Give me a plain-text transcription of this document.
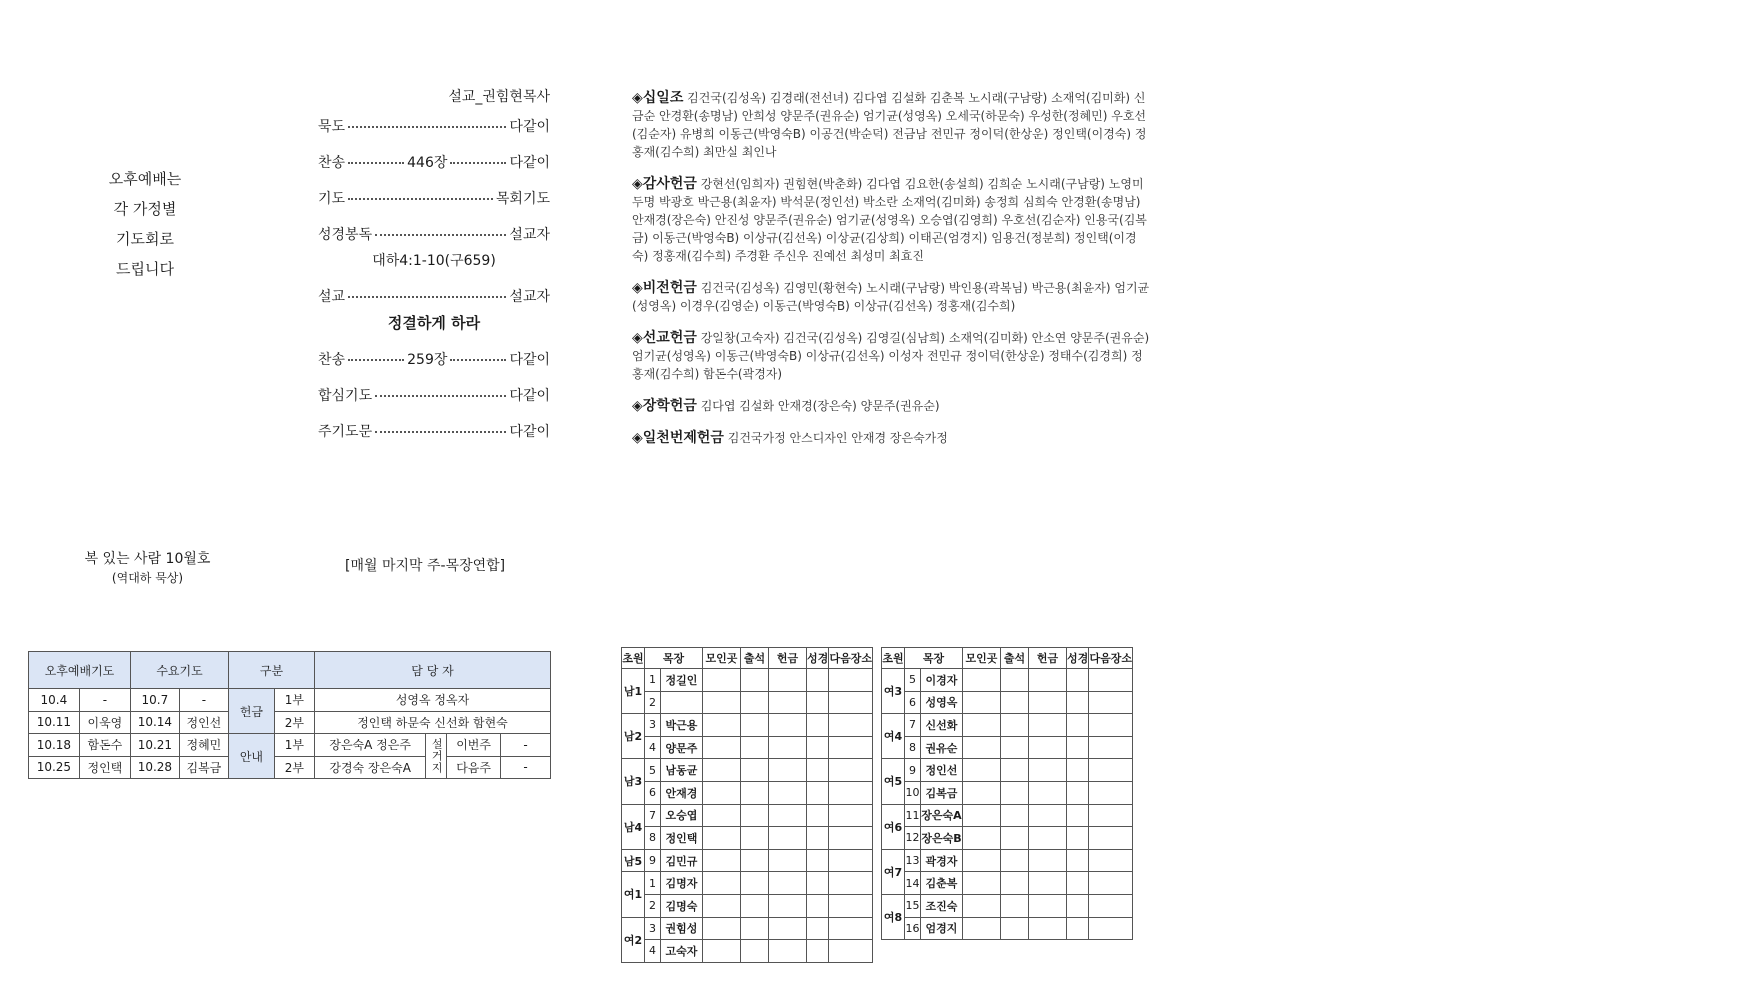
오후예배는
각 가정별
기도회로
드립니다
설교_권힘현목사
묵도	다같이
찬송	446장	다같이
기도	목회기도
성경봉독	설교자
대하4:1-10(구659)
설교	설교자
정결하게 하라
찬송	259장	다같이
합심기도	다같이
주기도문	다같이
복 있는 사람 10월호
(역대하 묵상)
[매월 마지막 주-목장연합]
◈십일조 김건국(김성옥) 김경래(전선녀) 김다엽 김설화 김춘복 노시래(구남랑) 소재억(김미화) 신금순 안경환(송명남) 안희성 양문주(권유순) 엄기균(성영옥) 오세국(하문숙) 우성한(정혜민) 우호선(김순자) 유병희 이동근(박영숙B) 이공건(박순덕) 전금남 전민규 정이덕(한상운) 정인택(이경숙) 정홍재(김수희) 최만실 최인나
◈감사헌금 강현선(임희자) 권힘현(박춘화) 김다엽 김요한(송설희) 김희순 노시래(구남랑) 노영미 두명 박광호 박근용(최윤자) 박석문(정인선) 박소란 소재억(김미화) 송정희 심희숙 안경환(송명남) 안재경(장은숙) 안진성 양문주(권유순) 엄기균(성영옥) 오승엽(김영희) 우호선(김순자) 인용국(김복금) 이동근(박영숙B) 이상규(김선옥) 이상균(김상희) 이태곤(엄경지) 임용건(정분희) 정인택(이경숙) 정홍재(김수희) 주경환 주신우 진예선 최성미 최효진
◈비전헌금 김건국(김성옥) 김영민(황현숙) 노시래(구남랑) 박인용(곽복님) 박근용(최윤자) 엄기균(성영옥) 이경우(김영순) 이동근(박영숙B) 이상규(김선옥) 정홍재(김수희)
◈선교헌금 강일창(고숙자) 김건국(김성옥) 김영길(심남희) 소재억(김미화) 안소연 양문주(권유순) 엄기균(성영옥) 이동근(박영숙B) 이상규(김선옥) 이성자 전민규 정이덕(한상운) 정태수(김경희) 정홍재(김수희) 함돈수(곽경자)
◈장학헌금 김다엽 김설화 안재경(장은숙) 양문주(권유순)
◈일천번제헌금 김건국가정 안스디자인 안재경 장은숙가정
오후예배기도		수요기도		구분		담 당 자			
10.4	-	10.7	-	헌금	1부	성영옥 정옥자			
10.11	이욱영	10.14	정인선		2부	정인택 하문숙 신선화 함현숙			
10.18	함돈수	10.21	정혜민	안내	1부	장은숙A 정은주	설거지	이번주	-
10.25	정인택	10.28	김복금		2부	강경숙 장은숙A		다음주	-
초원	목장		모인곳	출석	헌금	성경	다음장소
남1	1	정길인					
	2						
남2	3	박근용					
	4	양문주					
남3	5	남동균					
	6	안재경					
남4	7	오승엽					
	8	정인택					
남5	9	김민규					
여1	1	김명자					
	2	김명숙					
여2	3	권힘성					
	4	고숙자					
초원	목장		모인곳	출석	헌금	성경	다음장소
여3	5	이경자					
	6	성영옥					
여4	7	신선화					
	8	권유순					
여5	9	정인선					
	10	김복금					
여6	11	장은숙A					
	12	장은숙B					
여7	13	곽경자					
	14	김춘복					
여8	15	조진숙					
	16	엄경지					
